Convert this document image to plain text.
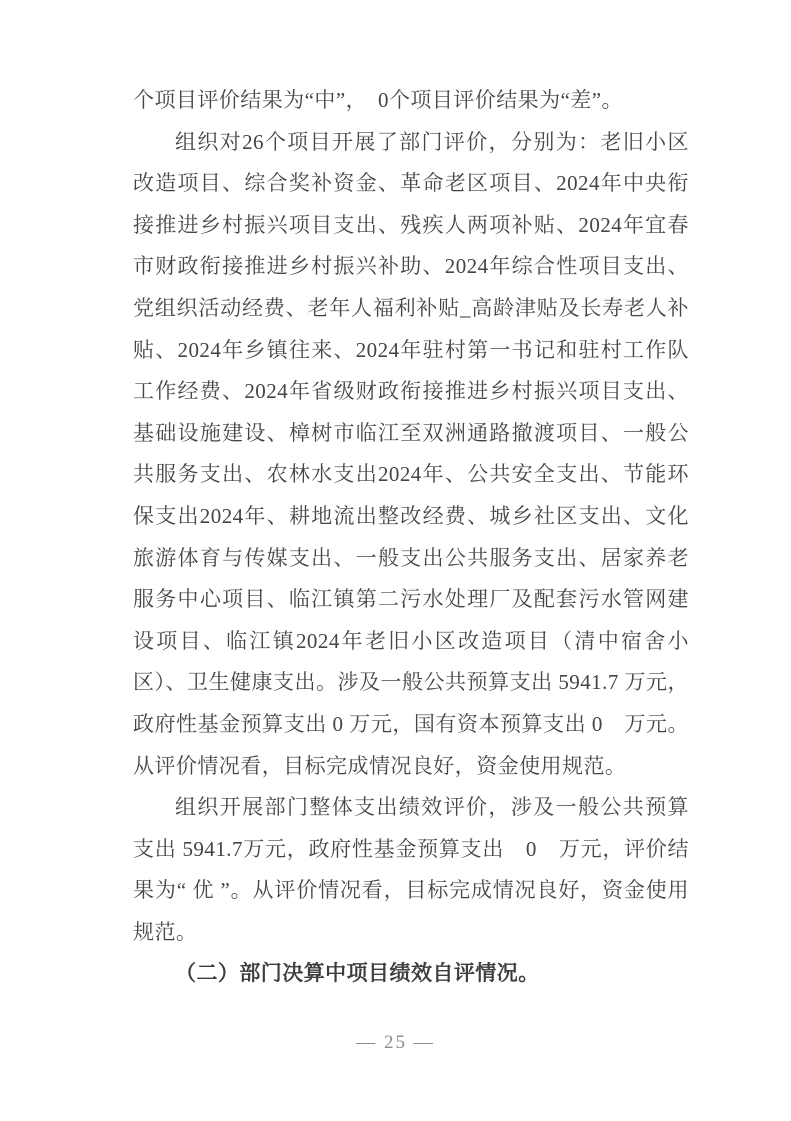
个项目评价结果为“中”，　0个项目评价结果为“差”。

组织对26个项目开展了部门评价，分别为：老旧小区改造项目、综合奖补资金、革命老区项目、2024年中央衔接推进乡村振兴项目支出、残疾人两项补贴、2024年宜春市财政衔接推进乡村振兴补助、2024年综合性项目支出、党组织活动经费、老年人福利补贴_高龄津贴及长寿老人补贴、2024年乡镇往来、2024年驻村第一书记和驻村工作队工作经费、2024年省级财政衔接推进乡村振兴项目支出、基础设施建设、樟树市临江至双洲通路撤渡项目、一般公共服务支出、农林水支出2024年、公共安全支出、节能环保支出2024年、耕地流出整改经费、城乡社区支出、文化旅游体育与传媒支出、一般支出公共服务支出、居家养老服务中心项目、临江镇第二污水处理厂及配套污水管网建设项目、临江镇2024年老旧小区改造项目（清中宿舍小区）、卫生健康支出。涉及一般公共预算支出 5941.7 万元，政府性基金预算支出 0 万元，国有资本预算支出 0　万元。从评价情况看，目标完成情况良好，资金使用规范。

组织开展部门整体支出绩效评价，涉及一般公共预算支出 5941.7万元，政府性基金预算支出　0　万元，评价结果为“ 优 ”。从评价情况看，目标完成情况良好，资金使用规范。

（二）部门决算中项目绩效自评情况。

— 25 —
